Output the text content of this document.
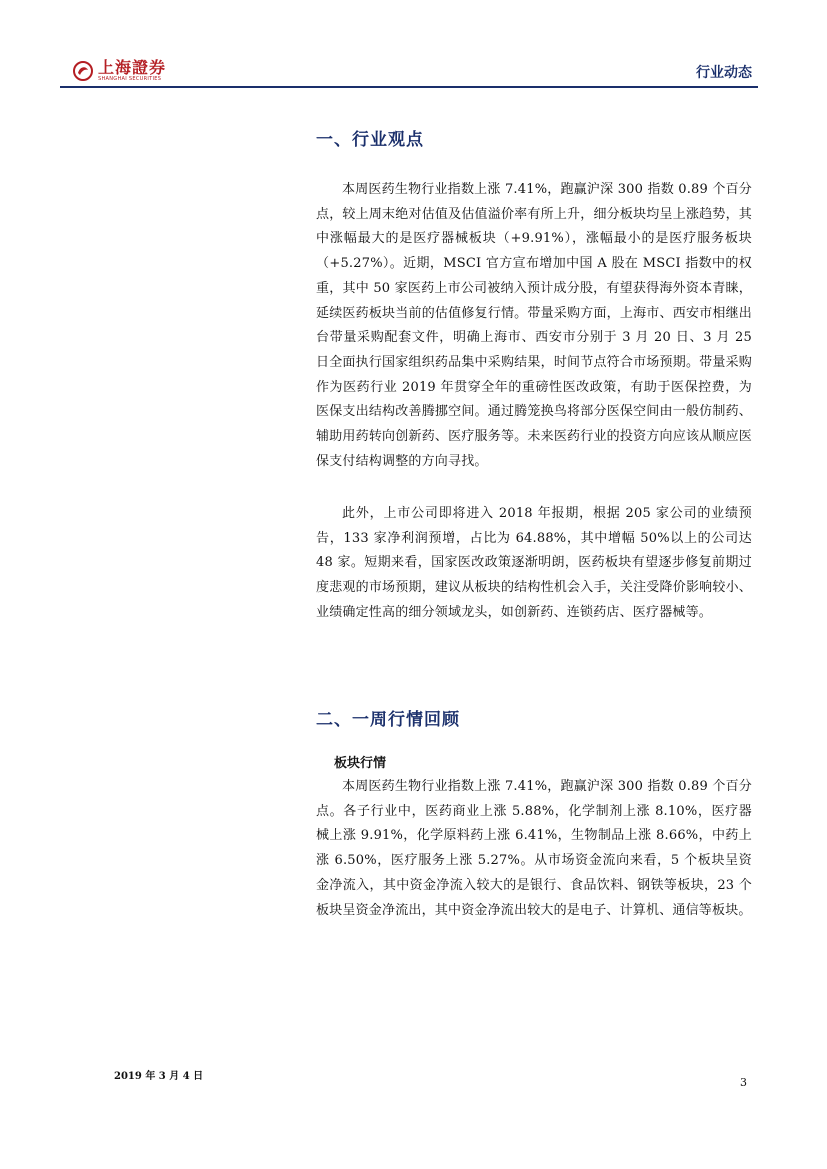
上海證券
SHANGHAI SECURITIES	行业动态
一、行业观点

本周医药生物行业指数上涨 7.41%，跑赢沪深 300 指数 0.89 个百分点，较上周末绝对估值及估值溢价率有所上升，细分板块均呈上涨趋势，其中涨幅最大的是医疗器械板块（+9.91%），涨幅最小的是医疗服务板块（+5.27%）。近期，MSCI 官方宣布增加中国 A 股在 MSCI 指数中的权重，其中 50 家医药上市公司被纳入预计成分股，有望获得海外资本青睐，延续医药板块当前的估值修复行情。带量采购方面，上海市、西安市相继出台带量采购配套文件，明确上海市、西安市分别于 3 月 20 日、3 月 25 日全面执行国家组织药品集中采购结果，时间节点符合市场预期。带量采购作为医药行业 2019 年贯穿全年的重磅性医改政策，有助于医保控费，为医保支出结构改善腾挪空间。通过腾笼换鸟将部分医保空间由一般仿制药、辅助用药转向创新药、医疗服务等。未来医药行业的投资方向应该从顺应医保支付结构调整的方向寻找。

此外，上市公司即将进入 2018 年报期，根据 205 家公司的业绩预告，133 家净利润预增，占比为 64.88%，其中增幅 50%以上的公司达 48 家。短期来看，国家医改政策逐渐明朗，医药板块有望逐步修复前期过度悲观的市场预期，建议从板块的结构性机会入手，关注受降价影响较小、业绩确定性高的细分领域龙头，如创新药、连锁药店、医疗器械等。

二、一周行情回顾
板块行情

本周医药生物行业指数上涨 7.41%，跑赢沪深 300 指数 0.89 个百分点。各子行业中，医药商业上涨 5.88%，化学制剂上涨 8.10%，医疗器械上涨 9.91%，化学原料药上涨 6.41%，生物制品上涨 8.66%，中药上涨 6.50%，医疗服务上涨 5.27%。从市场资金流向来看，5 个板块呈资金净流入，其中资金净流入较大的是银行、食品饮料、钢铁等板块，23 个板块呈资金净流出，其中资金净流出较大的是电子、计算机、通信等板块。

2019 年 3 月 4 日	3
